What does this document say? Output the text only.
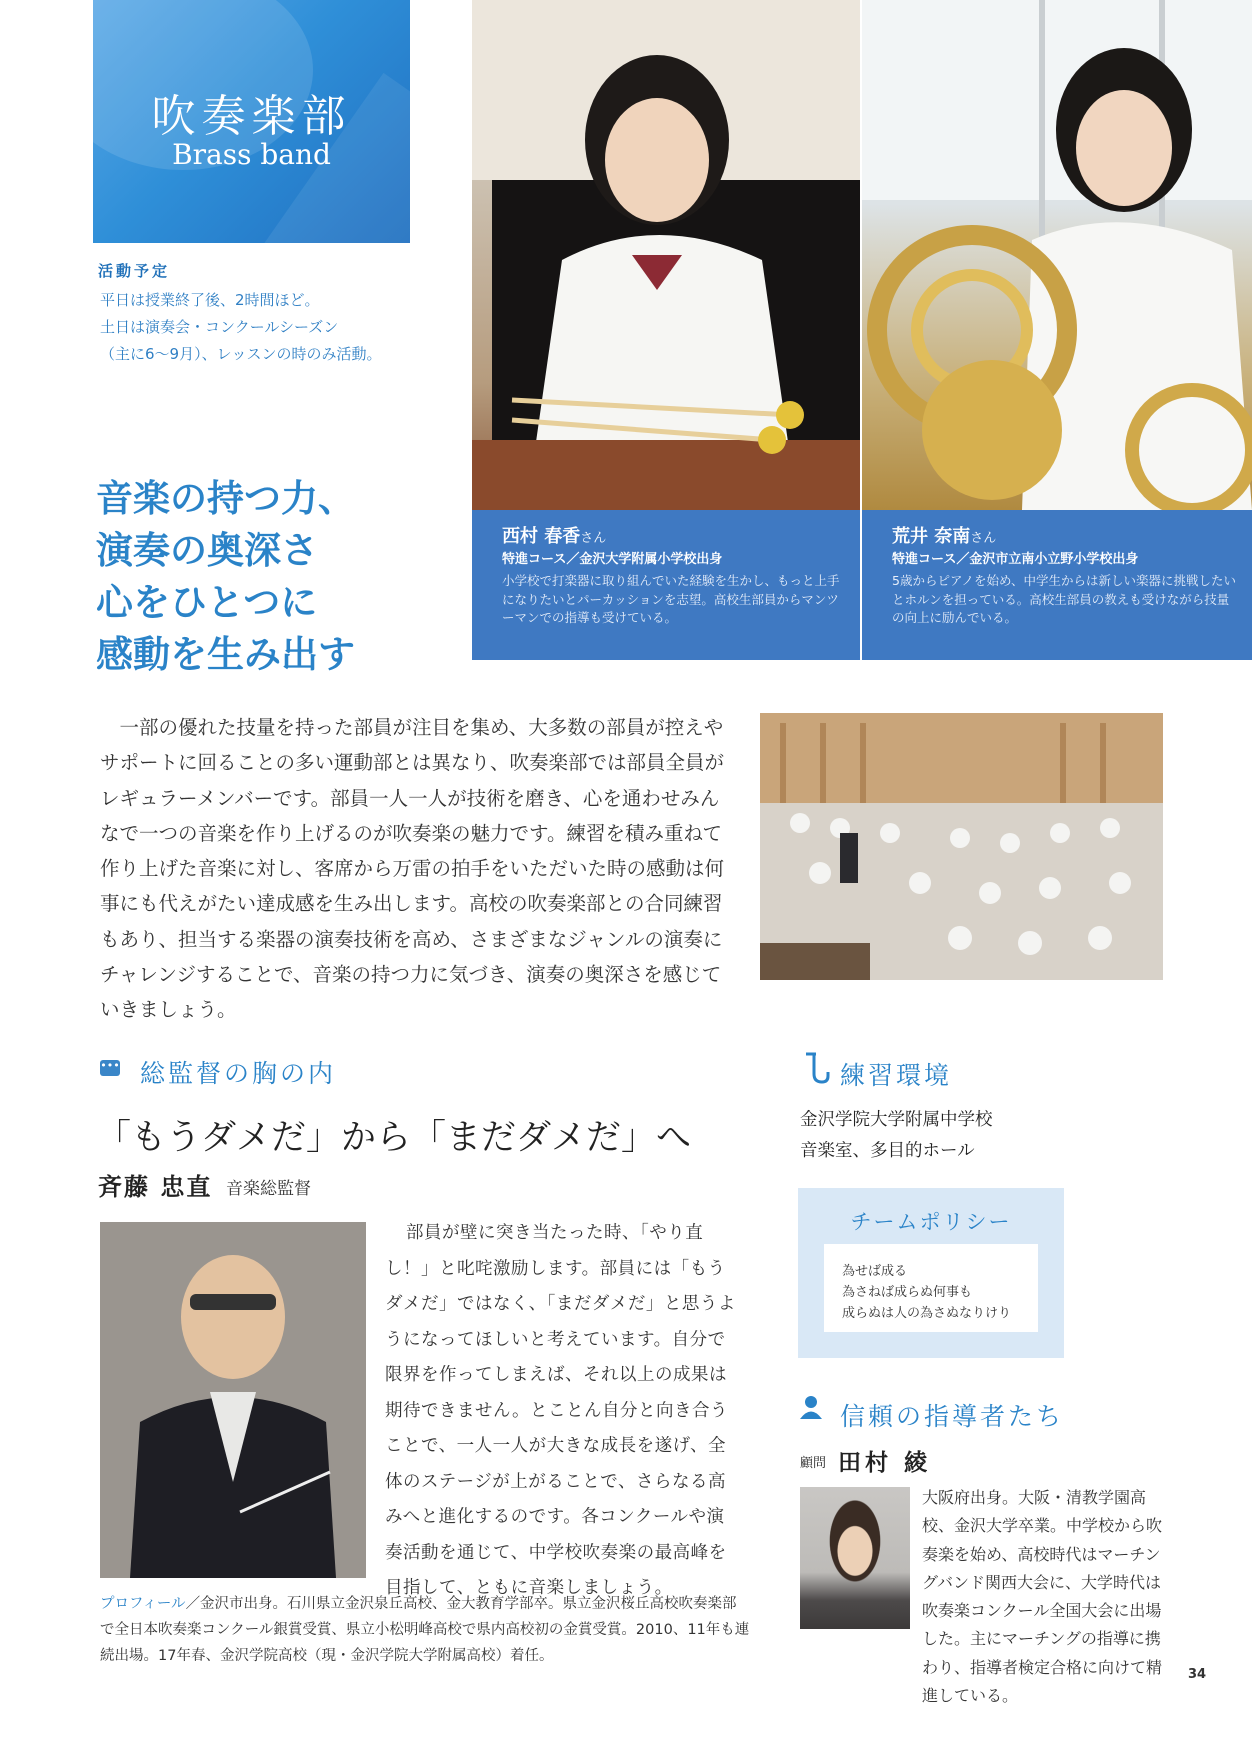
吹奏楽部
Brass band
活動予定
平日は授業終了後、2時間ほど。
土日は演奏会・コンクールシーズン
（主に6〜9月）、レッスンの時のみ活動。
音楽の持つ力、
演奏の奥深さ
心をひとつに
感動を生み出す
西村 春香さん
特進コース／金沢大学附属小学校出身
小学校で打楽器に取り組んでいた経験を生かし、もっと上手になりたいとパーカッションを志望。高校生部員からマンツーマンでの指導も受けている。
荒井 奈南さん
特進コース／金沢市立南小立野小学校出身
5歳からピアノを始め、中学生からは新しい楽器に挑戦したいとホルンを担っている。高校生部員の教えも受けながら技量の向上に励んでいる。

　一部の優れた技量を持った部員が注目を集め、大多数の部員が控えやサポートに回ることの多い運動部とは異なり、吹奏楽部では部員全員がレギュラーメンバーです。部員一人一人が技術を磨き、心を通わせみんなで一つの音楽を作り上げるのが吹奏楽の魅力です。練習を積み重ねて作り上げた音楽に対し、客席から万雷の拍手をいただいた時の感動は何事にも代えがたい達成感を生み出します。高校の吹奏楽部との合同練習もあり、担当する楽器の演奏技術を高め、さまざまなジャンルの演奏にチャレンジすることで、音楽の持つ力に気づき、演奏の奥深さを感じていきましょう。

••• 総監督の胸の内
「もうダメだ」から「まだダメだ」へ
斉藤 忠直 音楽総監督

部員が壁に突き当たった時、「やり直し！」と叱咤激励します。部員には「もうダメだ」ではなく、「まだダメだ」と思うようになってほしいと考えています。自分で限界を作ってしまえば、それ以上の成果は期待できません。とことん自分と向き合うことで、一人一人が大きな成長を遂げ、全体のステージが上がることで、さらなる高みへと進化するのです。各コンクールや演奏活動を通じて、中学校吹奏楽の最高峰を目指して、ともに音楽しましょう。

プロフィール／金沢市出身。石川県立金沢泉丘高校、金大教育学部卒。県立金沢桜丘高校吹奏楽部で全日本吹奏楽コンクール銀賞受賞、県立小松明峰高校で県内高校初の金賞受賞。2010、11年も連続出場。17年春、金沢学院高校（現・金沢学院大学附属高校）着任。

練習環境
金沢学院大学附属中学校
音楽室、多目的ホール
チームポリシー
為せば成る
為さねば成らぬ何事も
成らぬは人の為さぬなりけり
信頼の指導者たち
顧問 田村 綾

大阪府出身。大阪・清教学園高校、金沢大学卒業。中学校から吹奏楽を始め、高校時代はマーチングバンド関西大会に、大学時代は吹奏楽コンクール全国大会に出場した。主にマーチングの指導に携わり、指導者検定合格に向けて精進している。

34
